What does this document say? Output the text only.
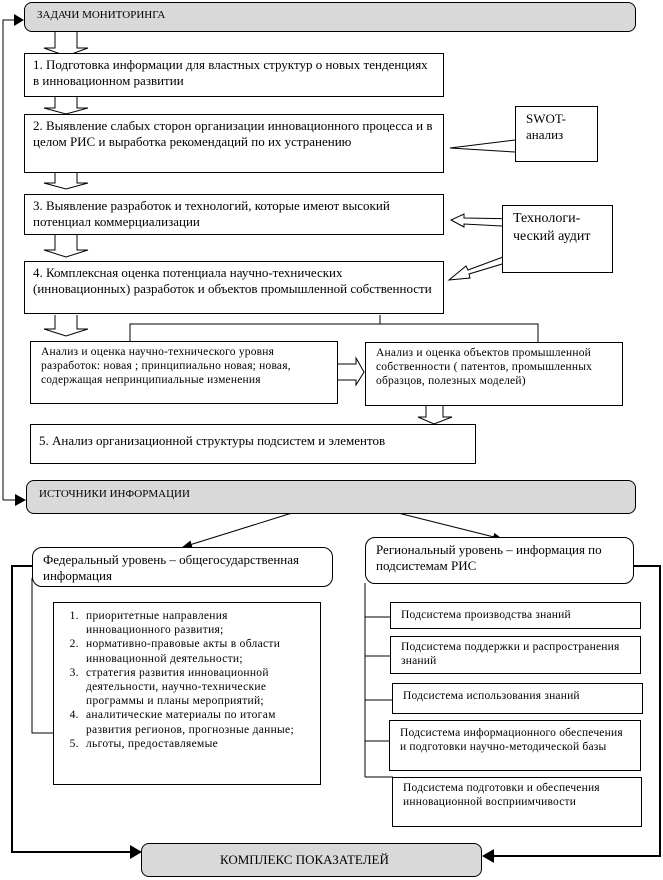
ЗАДАЧИ МОНИТОРИНГА
1. Подготовка информации для властных структур о новых тенденциях в инновационном развитии
2. Выявление слабых сторон организации инновационного процесса и в целом РИС и выработка рекомендаций по их устранению
SWOT-анализ
3. Выявление разработок и технологий, которые имеют высокий потенциал коммерциализации	Технологи-ческий аудит
4. Комплексная оценка потенциала научно-технических (инновационных) разработок и объектов промышленной собственности
Анализ и оценка научно-технического уровня разработок: новая ; принципиально новая; новая, содержащая непринципиальные изменения
Анализ и оценка объектов промышленной собственности ( патентов, промышленных образцов, полезных моделей)
5. Анализ организационной структуры подсистем и элементов
ИСТОЧНИКИ ИНФОРМАЦИИ
Федеральный уровень – общегосударственная информация
1. приоритетные направления инновационного развития;
2. нормативно-правовые акты в области инновационной деятельности;
3. стратегия развития инновационной деятельности, научно-технические программы и планы мероприятий;
4. аналитические материалы по итогам развития регионов, прогнозные данные;
5. льготы, предоставляемые
Региональный уровень – информация по подсистемам РИС
Подсистема производства знаний
Подсистема поддержки и распространения знаний
Подсистема использования знаний
Подсистема информационного обеспечения и подготовки научно-методической базы
Подсистема подготовки и обеспечения инновационной восприимчивости
КОМПЛЕКС ПОКАЗАТЕЛЕЙ
